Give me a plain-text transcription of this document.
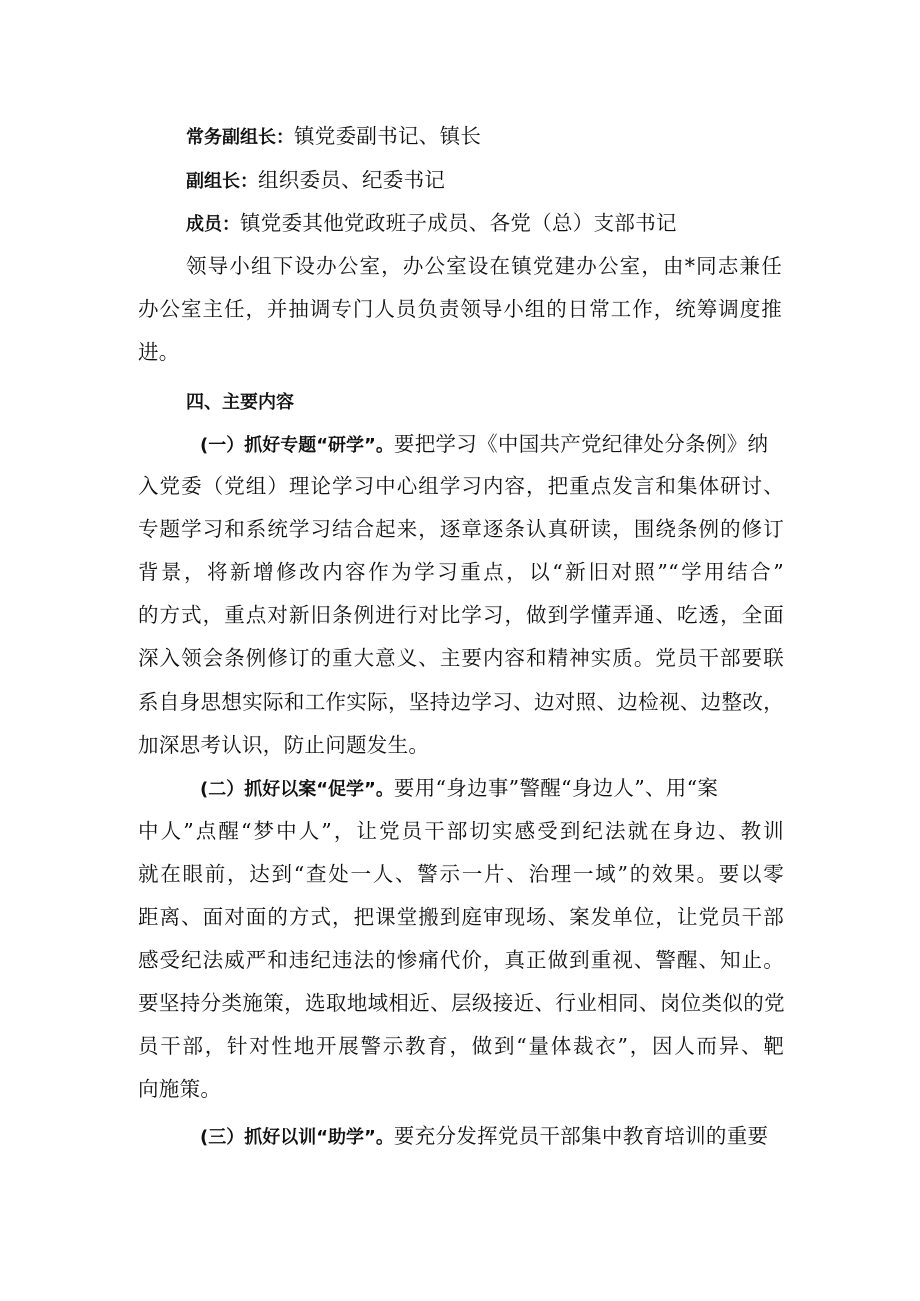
常务副组长：镇党委副书记、镇长
副组长：组织委员、纪委书记
成员：镇党委其他党政班子成员、各党（总）支部书记
领导小组下设办公室，办公室设在镇党建办公室，由*同志兼任
办公室主任，并抽调专门人员负责领导小组的日常工作，统筹调度推
进。
四、主要内容
(一）抓好专题“研学”。要把学习《中国共产党纪律处分条例》纳
入党委（党组）理论学习中心组学习内容，把重点发言和集体研讨、
专题学习和系统学习结合起来，逐章逐条认真研读，围绕条例的修订
背景，将新增修改内容作为学习重点，以“新旧对照”“学用结合”
的方式，重点对新旧条例进行对比学习，做到学懂弄通、吃透，全面
深入领会条例修订的重大意义、主要内容和精神实质。党员干部要联
系自身思想实际和工作实际，坚持边学习、边对照、边检视、边整改，
加深思考认识，防止问题发生。
(二）抓好以案“促学”。要用“身边事”警醒“身边人”、用“案
中人”点醒“梦中人”，让党员干部切实感受到纪法就在身边、教训
就在眼前，达到“查处一人、警示一片、治理一域”的效果。要以零
距离、面对面的方式，把课堂搬到庭审现场、案发单位，让党员干部
感受纪法威严和违纪违法的惨痛代价，真正做到重视、警醒、知止。
要坚持分类施策，选取地域相近、层级接近、行业相同、岗位类似的党
员干部，针对性地开展警示教育，做到“量体裁衣”，因人而异、靶
向施策。
(三）抓好以训“助学”。要充分发挥党员干部集中教育培训的重要
